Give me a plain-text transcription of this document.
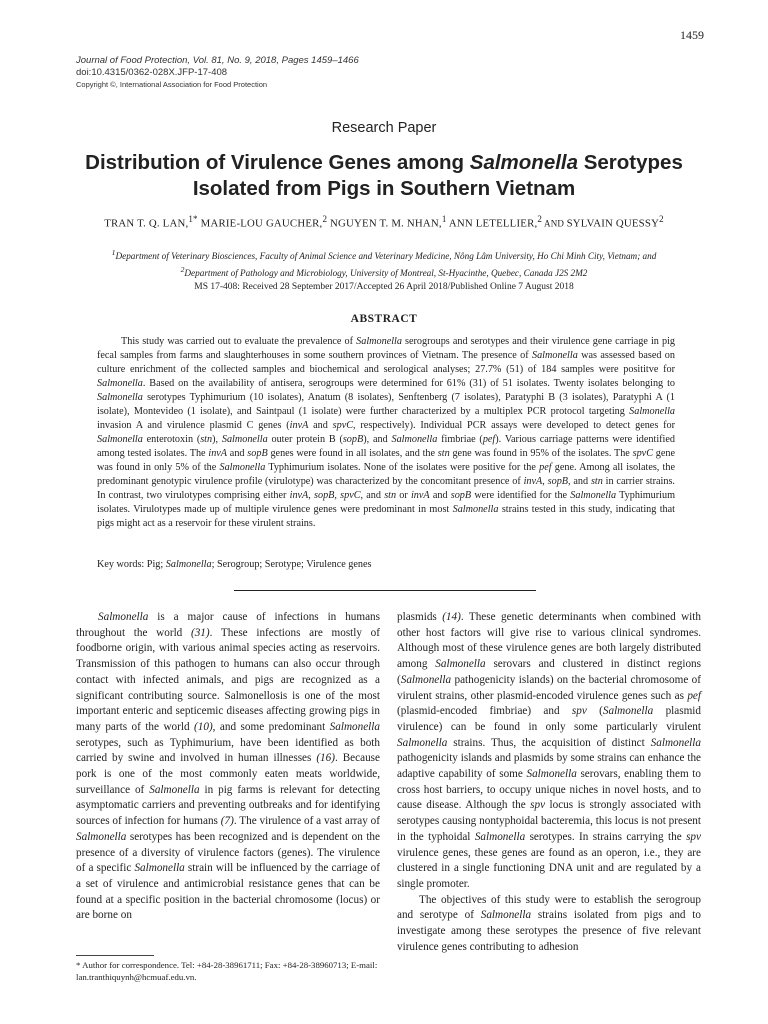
1459
Journal of Food Protection, Vol. 81, No. 9, 2018, Pages 1459–1466
doi:10.4315/0362-028X.JFP-17-408
Copyright ©, International Association for Food Protection
Research Paper
Distribution of Virulence Genes among Salmonella Serotypes
Isolated from Pigs in Southern Vietnam
TRAN T. Q. LAN,$^{1*}$ MARIE-LOU GAUCHER,$^2$ NGUYEN T. M. NHAN,$^1$ ANN LETELLIER,$^2$ AND SYLVAIN QUESSY$^2$
$^1$Department of Veterinary Biosciences, Faculty of Animal Science and Veterinary Medicine, Nông Lâm University, Ho Chi Minh City, Vietnam; and
$^2$Department of Pathology and Microbiology, University of Montreal, St-Hyacinthe, Quebec, Canada J2S 2M2
MS 17-408: Received 28 September 2017/Accepted 26 April 2018/Published Online 7 August 2018
ABSTRACT
This study was carried out to evaluate the prevalence of Salmonella serogroups and serotypes and their virulence gene carriage in pig fecal samples from farms and slaughterhouses in some southern provinces of Vietnam. The presence of Salmonella was assessed based on culture enrichment of the collected samples and biochemical and serological analyses; 27.7% (51) of 184 samples were posititve for Salmonella. Based on the availability of antisera, serogroups were determined for 61% (31) of 51 isolates. Twenty isolates belonging to Salmonella serotypes Typhimurium (10 isolates), Anatum (8 isolates), Senftenberg (7 isolates), Paratyphi B (3 isolates), Paratyphi A (1 isolate), Montevideo (1 isolate), and Saintpaul (1 isolate) were further characterized by a multiplex PCR protocol targeting Salmonella invasion A and virulence plasmid C genes (invA and spvC, respectively). Individual PCR assays were developed to detect genes for Salmonella enterotoxin (stn), Salmonella outer protein B (sopB), and Salmonella fimbriae (pef). Various carriage patterns were identified among tested isolates. The invA and sopB genes were found in all isolates, and the stn gene was found in 95% of the isolates. The spvC gene was found in only 5% of the Salmonella Typhimurium isolates. None of the isolates were positive for the pef gene. Among all isolates, the predominant genotypic virulence profile (virulotype) was characterized by the concomitant presence of invA, sopB, and stn in carrier strains. In contrast, two virulotypes comprising either invA, sopB, spvC, and stn or invA and sopB were identified for the Salmonella Typhimurium isolates. Virulotypes made up of multiple virulence genes were predominant in most Salmonella strains tested in this study, indicating that pigs might act as a reservoir for these virulent strains.
Key words: Pig; Salmonella; Serogroup; Serotype; Virulence genes

Salmonella is a major cause of infections in humans throughout the world (31). These infections are mostly of foodborne origin, with various animal species acting as reservoirs. Transmission of this pathogen to humans can also occur through contact with infected animals, and pigs are recognized as a significant contributing source. Salmonellosis is one of the most important enteric and septicemic diseases affecting growing pigs in many parts of the world (10), and some predominant Salmonella serotypes, such as Typhimurium, have been identified as both carried by swine and involved in human illnesses (16). Because pork is one of the most commonly eaten meats worldwide, surveillance of Salmonella in pig farms is relevant for detecting asymptomatic carriers and preventing outbreaks and for identifying sources of infection for humans (7). The virulence of a vast array of Salmonella serotypes has been recognized and is dependent on the presence of a diversity of virulence factors (genes). The virulence of a specific Salmonella strain will be influenced by the carriage of a set of virulence and antimicrobial resistance genes that can be found at a specific position in the bacterial chromosome (locus) or are borne on

plasmids (14). These genetic determinants when combined with other host factors will give rise to various clinical syndromes. Although most of these virulence genes are both largely distributed among Salmonella serovars and clustered in distinct regions (Salmonella pathogenicity islands) on the bacterial chromosome of virulent strains, other plasmid-encoded virulence genes such as pef (plasmid-encoded fimbriae) and spv (Salmonella plasmid virulence) can be found in only some particularly virulent Salmonella strains. Thus, the acquisition of distinct Salmonella pathogenicity islands and plasmids by some strains can enhance the adaptive capability of some Salmonella serovars, enabling them to cross host barriers, to occupy unique niches in novel hosts, and to cause disease. Although the spv locus is strongly associated with serotypes causing nontyphoidal bacteremia, this locus is not present in the typhoidal Salmonella serotypes. In strains carrying the spv virulence genes, these genes are found as an operon, i.e., they are clustered in a single functioning DNA unit and are regulated by a single promoter.

The objectives of this study were to establish the serogroup and serotype of Salmonella strains isolated from pigs and to investigate among these serotypes the presence of five relevant virulence genes contributing to adhesion

* Author for correspondence. Tel: +84-28-38961711; Fax: +84-28-38960713; E-mail: lan.tranthiquynh@hcmuaf.edu.vn.
